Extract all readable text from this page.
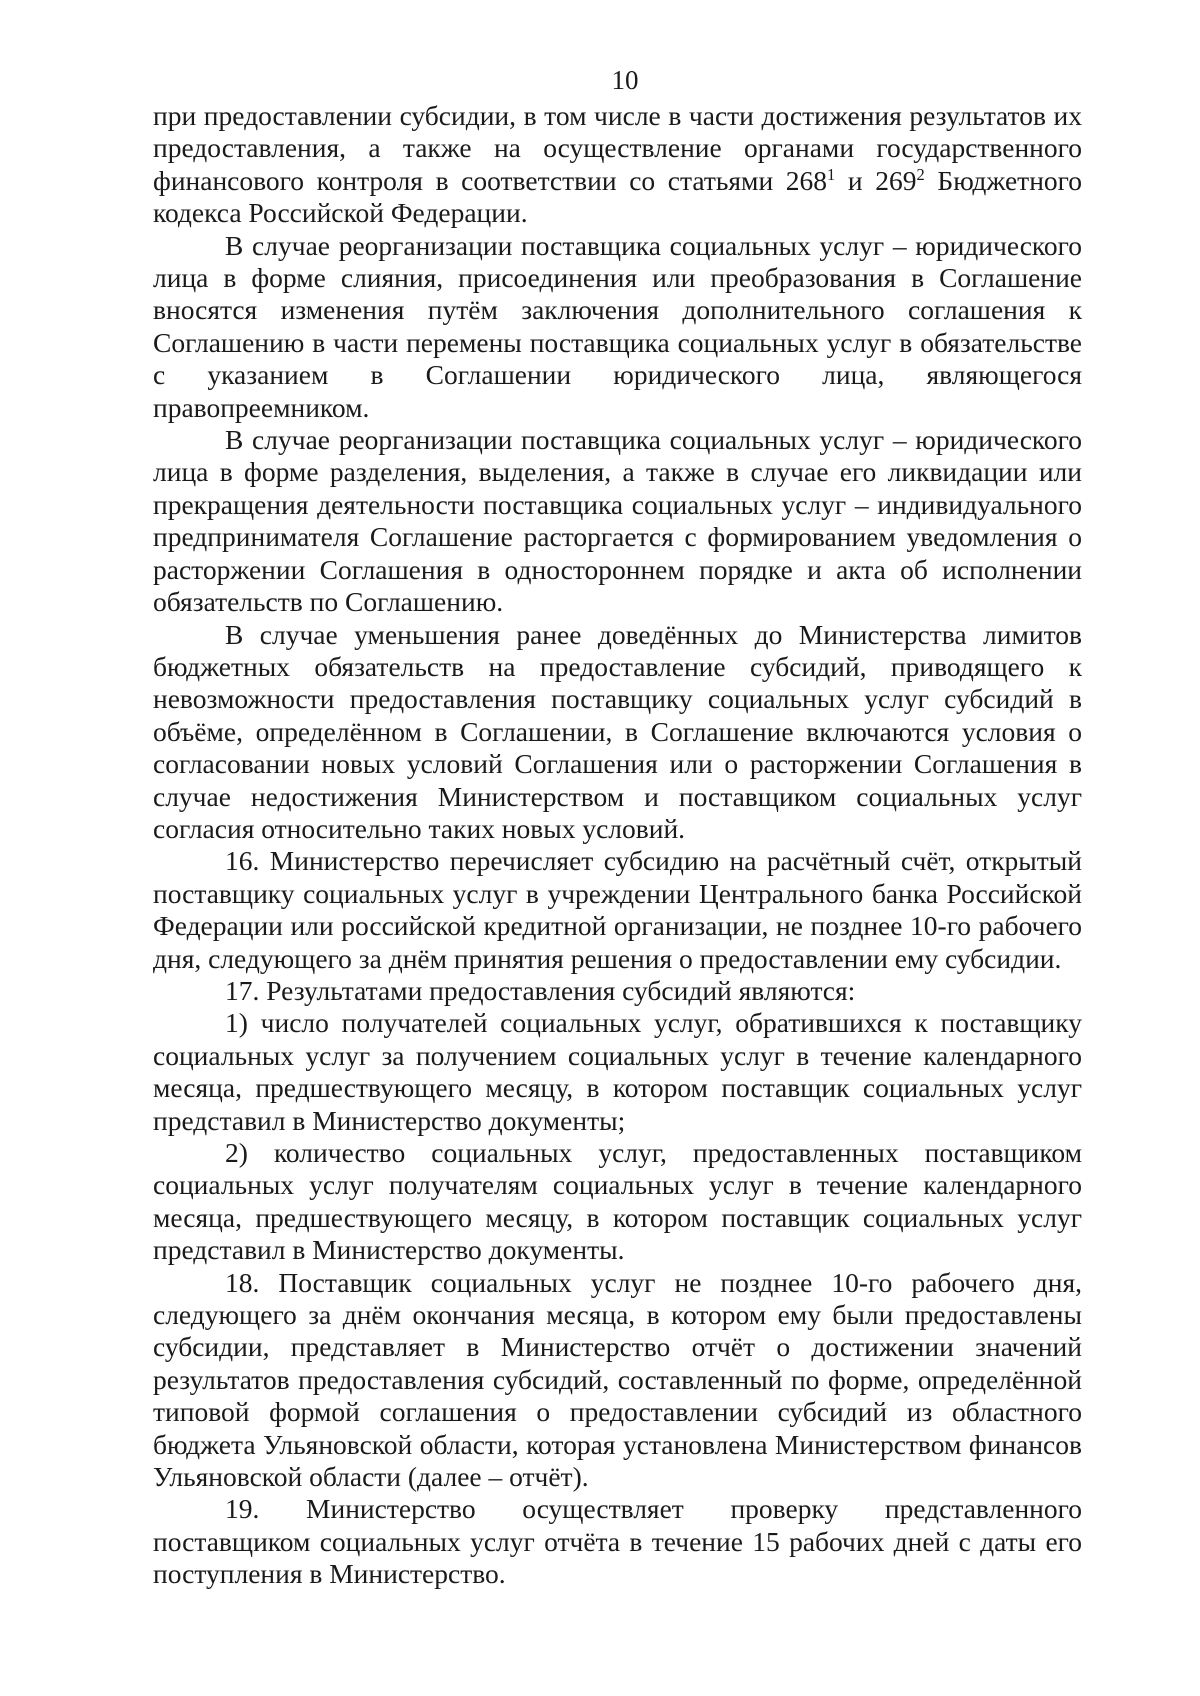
10

при предоставлении субсидии, в том числе в части достижения результатов их предоставления, а также на осуществление органами государственного финансового контроля в соответствии со статьями $268^1$ и $269^2$ Бюджетного кодекса Российской Федерации.

В случае реорганизации поставщика социальных услуг – юридического лица в форме слияния, присоединения или преобразования в Соглашение вносятся изменения путём заключения дополнительного соглашения к Соглашению в части перемены поставщика социальных услуг в обязательстве с указанием в Соглашении юридического лица, являющегося правопреемником.

В случае реорганизации поставщика социальных услуг – юридического лица в форме разделения, выделения, а также в случае его ликвидации или прекращения деятельности поставщика социальных услуг – индивидуального предпринимателя Соглашение расторгается с формированием уведомления о расторжении Соглашения в одностороннем порядке и акта об исполнении обязательств по Соглашению.

В случае уменьшения ранее доведённых до Министерства лимитов бюджетных обязательств на предоставление субсидий, приводящего к невозможности предоставления поставщику социальных услуг субсидий в объёме, определённом в Соглашении, в Соглашение включаются условия о согласовании новых условий Соглашения или о расторжении Соглашения в случае недостижения Министерством и поставщиком социальных услуг согласия относительно таких новых условий.

16. Министерство перечисляет субсидию на расчётный счёт, открытый поставщику социальных услуг в учреждении Центрального банка Российской Федерации или российской кредитной организации, не позднее 10-го рабочего дня, следующего за днём принятия решения о предоставлении ему субсидии.

17. Результатами предоставления субсидий являются:

1) число получателей социальных услуг, обратившихся к поставщику социальных услуг за получением социальных услуг в течение календарного месяца, предшествующего месяцу, в котором поставщик социальных услуг представил в Министерство документы;

2) количество социальных услуг, предоставленных поставщиком социальных услуг получателям социальных услуг в течение календарного месяца, предшествующего месяцу, в котором поставщик социальных услуг представил в Министерство документы.

18. Поставщик социальных услуг не позднее 10-го рабочего дня, следующего за днём окончания месяца, в котором ему были предоставлены субсидии, представляет в Министерство отчёт о достижении значений результатов предоставления субсидий, составленный по форме, определённой типовой формой соглашения о предоставлении субсидий из областного бюджета Ульяновской области, которая установлена Министерством финансов Ульяновской области (далее – отчёт).

19. Министерство осуществляет проверку представленного поставщиком социальных услуг отчёта в течение 15 рабочих дней с даты его поступления в Министерство.
